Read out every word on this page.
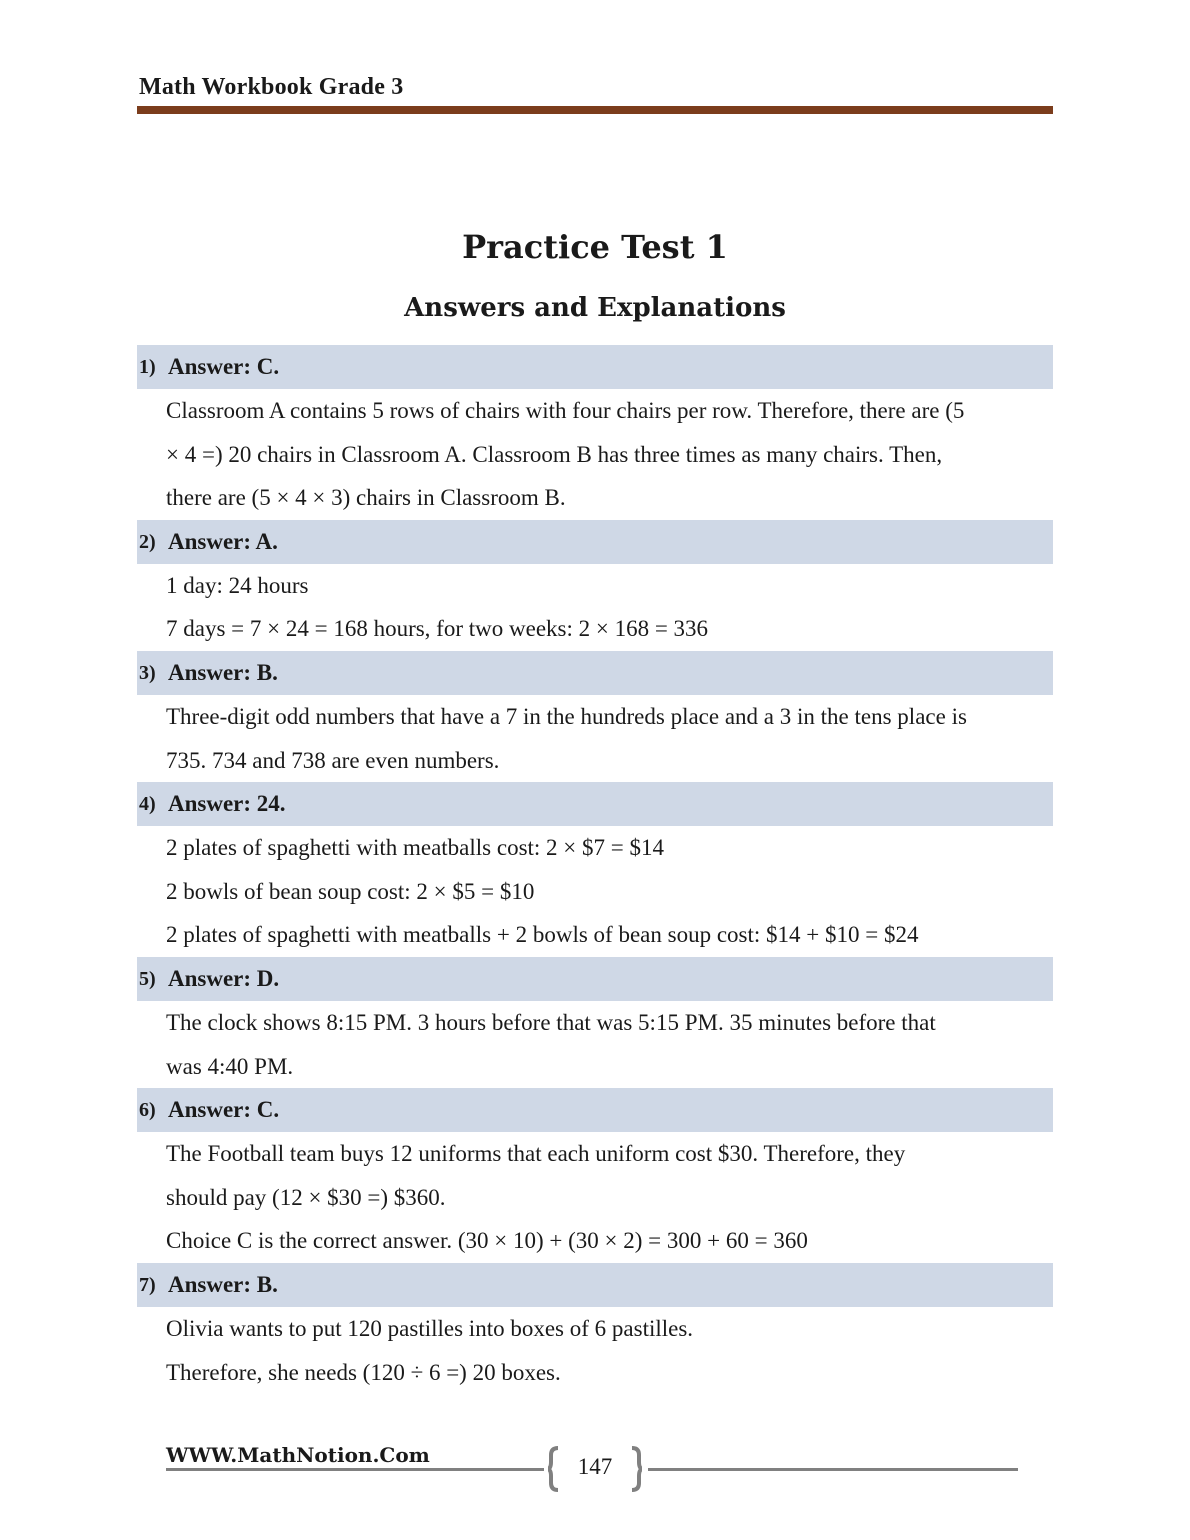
Math Workbook Grade 3
Practice Test 1
Answers and Explanations
1) Answer: C.
Classroom A contains 5 rows of chairs with four chairs per row. Therefore, there are (5
× 4 =) 20 chairs in Classroom A. Classroom B has three times as many chairs. Then,
there are (5 × 4 × 3) chairs in Classroom B.
2) Answer: A.
1 day: 24 hours
7 days = 7 × 24 = 168 hours, for two weeks: 2 × 168 = 336
3) Answer: B.
Three-digit odd numbers that have a 7 in the hundreds place and a 3 in the tens place is
735. 734 and 738 are even numbers.
4) Answer: 24.
2 plates of spaghetti with meatballs cost: 2 × $7 = $14
2 bowls of bean soup cost: 2 × $5 = $10
2 plates of spaghetti with meatballs + 2 bowls of bean soup cost: $14 + $10 = $24
5) Answer: D.
The clock shows 8:15 PM. 3 hours before that was 5:15 PM. 35 minutes before that
was 4:40 PM.
6) Answer: C.
The Football team buys 12 uniforms that each uniform cost $30. Therefore, they
should pay (12 × $30 =) $360.
Choice C is the correct answer. (30 × 10) + (30 × 2) = 300 + 60 = 360
7) Answer: B.
Olivia wants to put 120 pastilles into boxes of 6 pastilles.
Therefore, she needs (120 ÷ 6 =) 20 boxes.
WWW.MathNotion.Com	147
